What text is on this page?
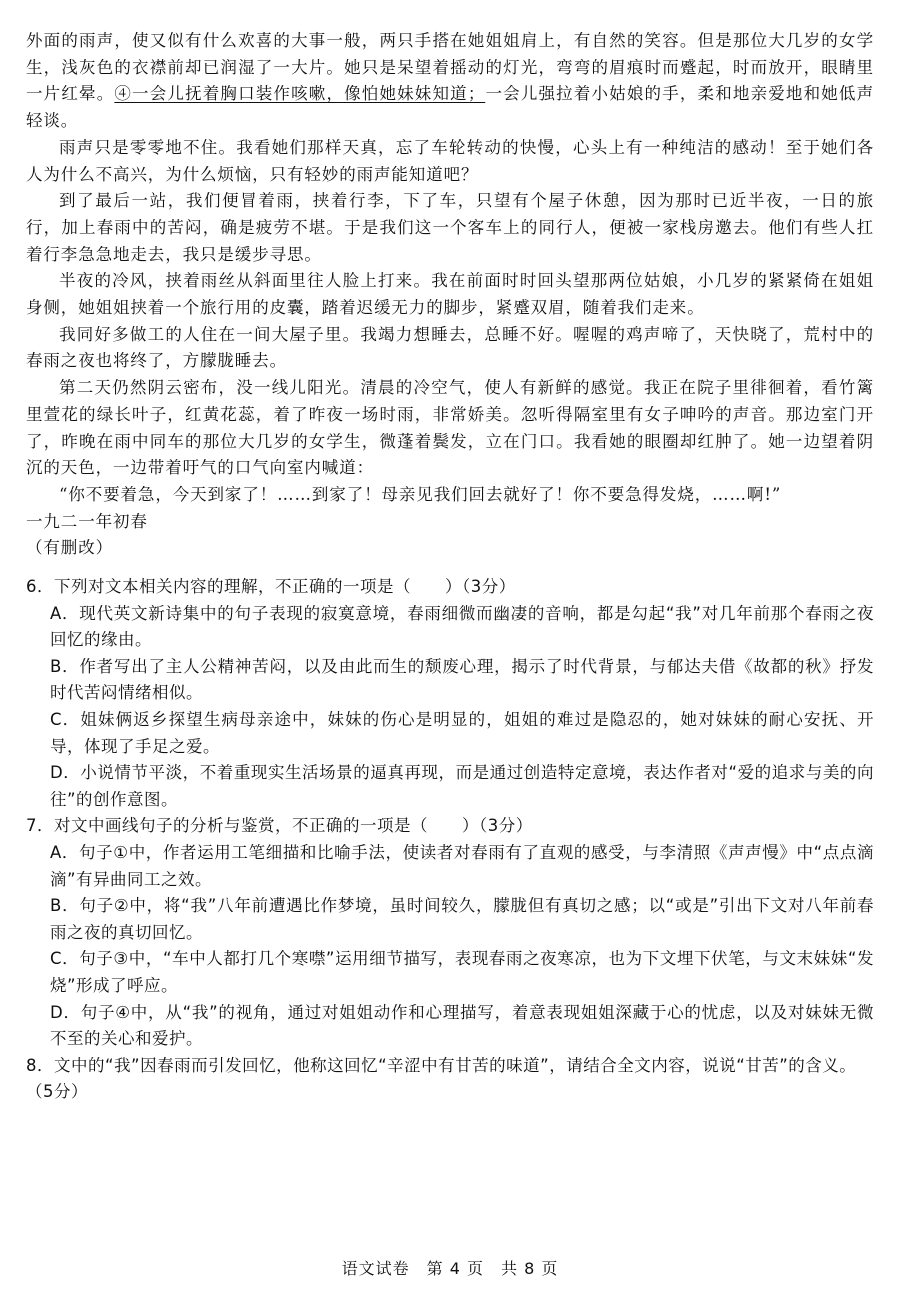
外面的雨声，使又似有什么欢喜的大事一般，两只手搭在她姐姐肩上，有自然的笑容。但是那位大几岁的女学生，浅灰色的衣襟前却已润湿了一大片。她只是呆望着摇动的灯光，弯弯的眉痕时而蹙起，时而放开，眼睛里一片红晕。④一会儿抚着胸口装作咳嗽，像怕她妹妹知道；一会儿强拉着小姑娘的手，柔和地亲爱地和她低声轻谈。

雨声只是零零地不住。我看她们那样天真，忘了车轮转动的快慢，心头上有一种纯洁的感动！至于她们各人为什么不高兴，为什么烦恼，只有轻妙的雨声能知道吧？

到了最后一站，我们便冒着雨，挟着行李，下了车，只望有个屋子休憩，因为那时已近半夜，一日的旅行，加上春雨中的苦闷，确是疲劳不堪。于是我们这一个客车上的同行人，便被一家栈房邀去。他们有些人扛着行李急急地走去，我只是缓步寻思。

半夜的冷风，挟着雨丝从斜面里往人脸上打来。我在前面时时回头望那两位姑娘，小几岁的紧紧倚在姐姐身侧，她姐姐挟着一个旅行用的皮囊，踏着迟缓无力的脚步，紧蹙双眉，随着我们走来。

我同好多做工的人住在一间大屋子里。我竭力想睡去，总睡不好。喔喔的鸡声啼了，天快晓了，荒村中的春雨之夜也将终了，方朦胧睡去。

第二天仍然阴云密布，没一线儿阳光。清晨的冷空气，使人有新鲜的感觉。我正在院子里徘徊着，看竹篱里萱花的绿长叶子，红黄花蕊，着了昨夜一场时雨，非常娇美。忽听得隔室里有女子呻吟的声音。那边室门开了，昨晚在雨中同车的那位大几岁的女学生，微蓬着鬓发，立在门口。我看她的眼圈却红肿了。她一边望着阴沉的天色，一边带着吁气的口气向室内喊道：

“你不要着急，今天到家了！……到家了！母亲见我们回去就好了！你不要急得发烧，……啊!”

一九二一年初春

（有删改）

6．下列对文本相关内容的理解，不正确的一项是（　　）（3分）

A．现代英文新诗集中的句子表现的寂寞意境，春雨细微而幽凄的音响，都是勾起“我”对几年前那个春雨之夜回忆的缘由。

B．作者写出了主人公精神苦闷，以及由此而生的颓废心理，揭示了时代背景，与郁达夫借《故都的秋》抒发时代苦闷情绪相似。

C．姐妹俩返乡探望生病母亲途中，妹妹的伤心是明显的，姐姐的难过是隐忍的，她对妹妹的耐心安抚、开导，体现了手足之爱。

D．小说情节平淡，不着重现实生活场景的逼真再现，而是通过创造特定意境，表达作者对“爱的追求与美的向往”的创作意图。

7．对文中画线句子的分析与鉴赏，不正确的一项是（　　）（3分）

A．句子①中，作者运用工笔细描和比喻手法，使读者对春雨有了直观的感受，与李清照《声声慢》中“点点滴滴”有异曲同工之效。

B．句子②中，将“我”八年前遭遇比作梦境，虽时间较久，朦胧但有真切之感；以“或是”引出下文对八年前春雨之夜的真切回忆。

C．句子③中，“车中人都打几个寒噤”运用细节描写，表现春雨之夜寒凉，也为下文埋下伏笔，与文末妹妹“发烧”形成了呼应。

D．句子④中，从“我”的视角，通过对姐姐动作和心理描写，着意表现姐姐深藏于心的忧虑，以及对妹妹无微不至的关心和爱护。

8．文中的“我”因春雨而引发回忆，他称这回忆“辛涩中有甘苦的味道”，请结合全文内容，说说“甘苦”的含义。（5分）

语文试卷　第 4 页　共 8 页
